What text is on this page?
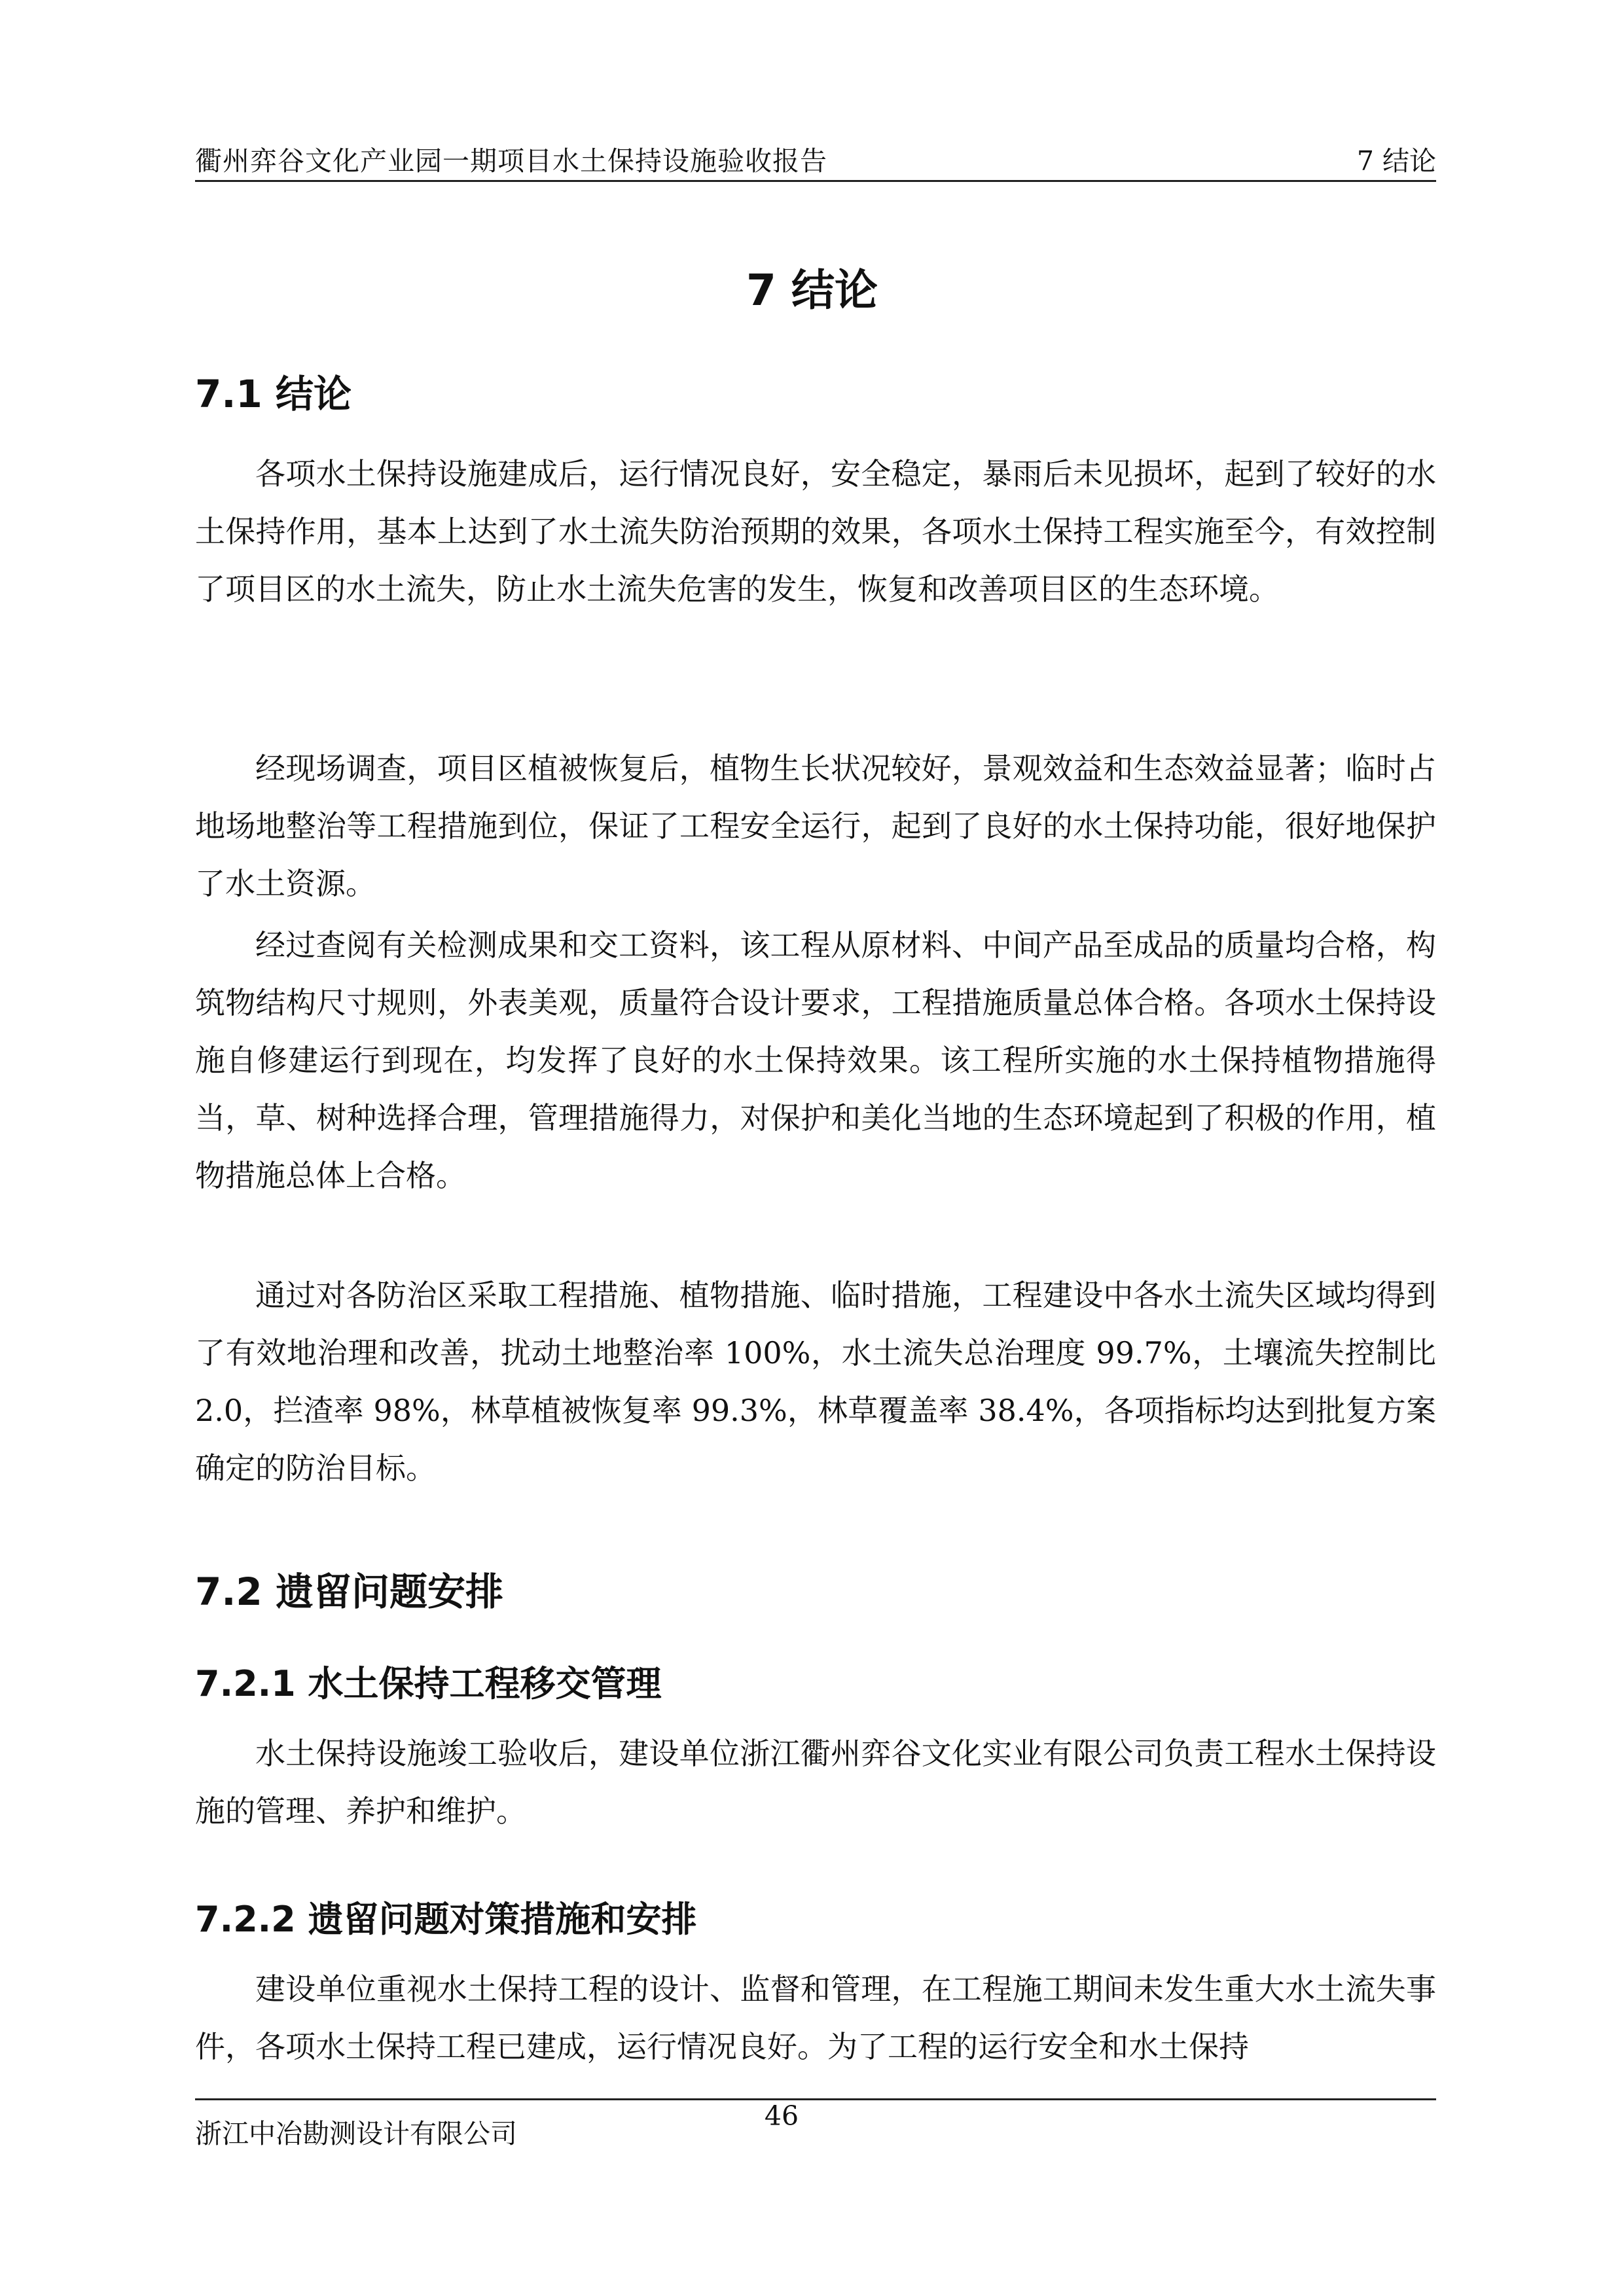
衢州弈谷文化产业园一期项目水土保持设施验收报告	7 结论
7 结论
7.1 结论

各项水土保持设施建成后，运行情况良好，安全稳定，暴雨后未见损坏，起到了较好的水土保持作用，基本上达到了水土流失防治预期的效果，各项水土保持工程实施至今，有效控制了项目区的水土流失，防止水土流失危害的发生，恢复和改善项目区的生态环境。

经现场调查，项目区植被恢复后，植物生长状况较好，景观效益和生态效益显著；临时占地场地整治等工程措施到位，保证了工程安全运行，起到了良好的水土保持功能，很好地保护了水土资源。

经过查阅有关检测成果和交工资料，该工程从原材料、中间产品至成品的质量均合格，构筑物结构尺寸规则，外表美观，质量符合设计要求，工程措施质量总体合格。各项水土保持设施自修建运行到现在，均发挥了良好的水土保持效果。该工程所实施的水土保持植物措施得当，草、树种选择合理，管理措施得力，对保护和美化当地的生态环境起到了积极的作用，植物措施总体上合格。

通过对各防治区采取工程措施、植物措施、临时措施，工程建设中各水土流失区域均得到了有效地治理和改善，扰动土地整治率 100%，水土流失总治理度 99.7%，土壤流失控制比 2.0，拦渣率 98%，林草植被恢复率 99.3%，林草覆盖率 38.4%，各项指标均达到批复方案确定的防治目标。

7.2 遗留问题安排
7.2.1 水土保持工程移交管理

水土保持设施竣工验收后，建设单位浙江衢州弈谷文化实业有限公司负责工程水土保持设施的管理、养护和维护。

7.2.2 遗留问题对策措施和安排

建设单位重视水土保持工程的设计、监督和管理，在工程施工期间未发生重大水土流失事件，各项水土保持工程已建成，运行情况良好。为了工程的运行安全和水土保持

浙江中冶勘测设计有限公司
46
